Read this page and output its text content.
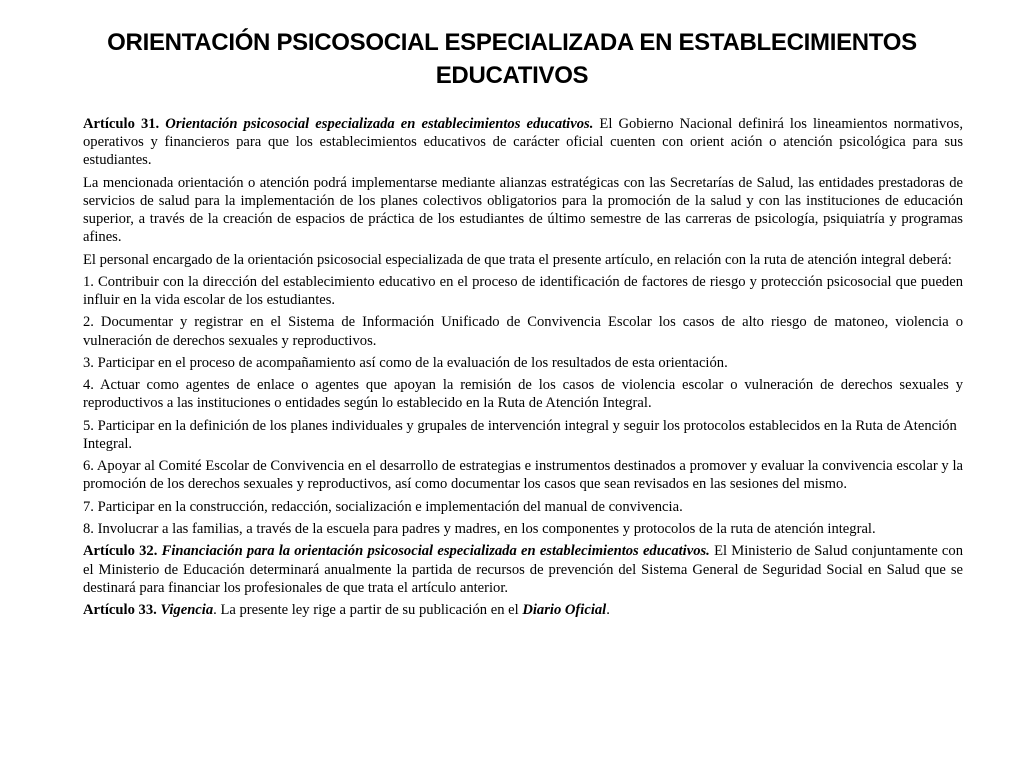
ORIENTACIÓN PSICOSOCIAL ESPECIALIZADA EN ESTABLECIMIENTOS EDUCATIVOS

Artículo 31. Orientación psicosocial especializada en establecimientos educativos. El Gobierno Nacional definirá los lineamientos normativos, operativos y financieros para que los establecimientos educativos de carácter oficial cuenten con orient ación o atención psicológica para sus estudiantes.

La mencionada orientación o atención podrá implementarse mediante alianzas estratégicas con las Secretarías de Salud, las entidades prestadoras de servicios de salud para la implementación de los planes colectivos obligatorios para la promoción de la salud y con las instituciones de educación superior, a través de la creación de espacios de práctica de los estudiantes de último semestre de las carreras de psicología, psiquiatría y programas afines.

El personal encargado de la orientación psicosocial especializada de que trata el presente artículo, en relación con la ruta de atención integral deberá:

1. Contribuir con la dirección del establecimiento educativo en el proceso de identificación de factores de riesgo y protección psicosocial que pueden influir en la vida escolar de los estudiantes.

2. Documentar y registrar en el Sistema de Información Unificado de Convivencia Escolar los casos de alto riesgo de matoneo, violencia o vulneración de derechos sexuales y reproductivos.

3. Participar en el proceso de acompañamiento así como de la evaluación de los resultados de esta orientación.

4. Actuar como agentes de enlace o agentes que apoyan la remisión de los casos de violencia escolar o vulneración de derechos sexuales y reproductivos a las instituciones o entidades según lo establecido en la Ruta de Atención Integral.

5. Participar en la definición de los planes individuales y grupales de intervención integral y seguir los protocolos establecidos en la Ruta de Atención Integral.

6. Apoyar al Comité Escolar de Convivencia en el desarrollo de estrategias e instrumentos destinados a promover y evaluar la convivencia escolar y la promoción de los derechos sexuales y reproductivos, así como documentar los casos que sean revisados en las sesiones del mismo.

7. Participar en la construcción, redacción, socialización e implementación del manual de convivencia.

8. Involucrar a las familias, a través de la escuela para padres y madres, en los componentes y protocolos de la ruta de atención integral.

Artículo 32. Financiación para la orientación psicosocial especializada en establecimientos educativos. El Ministerio de Salud conjuntamente con el Ministerio de Educación determinará anualmente la partida de recursos de prevención del Sistema General de Seguridad Social en Salud que se destinará para financiar los profesionales de que trata el artículo anterior.

Artículo 33. Vigencia. La presente ley rige a partir de su publicación en el Diario Oficial.
